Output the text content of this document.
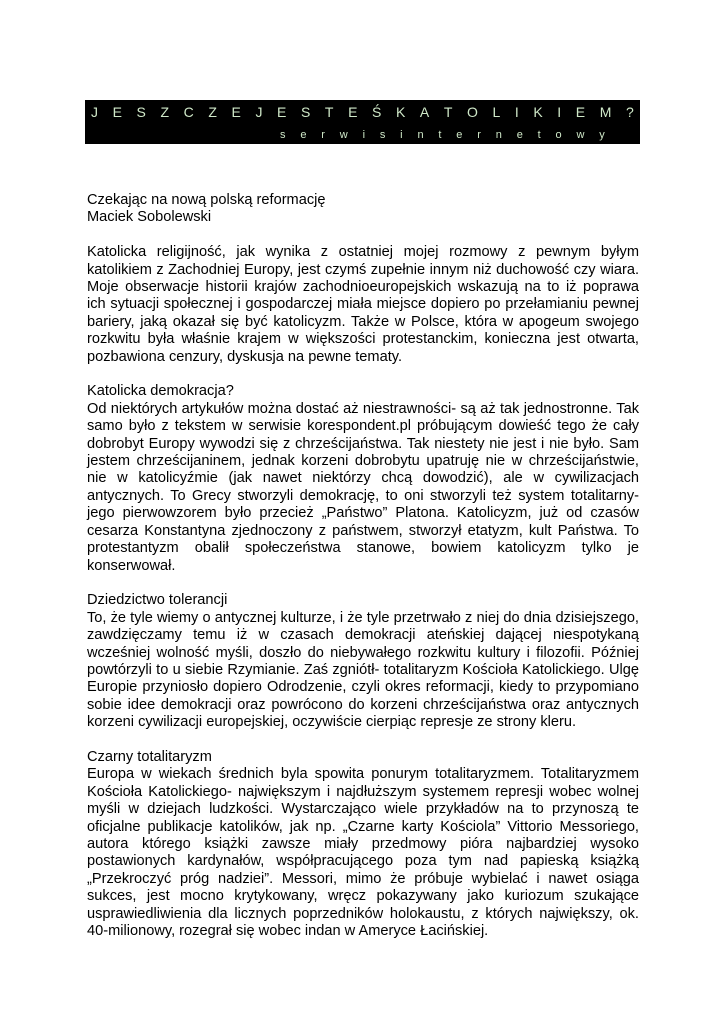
J E S Z C Z E J E S T E Ś K A T O L I K I E M ?
s e r w i s i n t e r n e t o w y

Czekając na nową polską reformację

Maciek Sobolewski

Katolicka religijność, jak wynika z ostatniej mojej rozmowy z pewnym byłym katolikiem z Zachodniej Europy, jest czymś zupełnie innym niż duchowość czy wiara. Moje obserwacje historii krajów zachodnioeuropejskich wskazują na to iż poprawa ich sytuacji społecznej i gospodarczej miała miejsce dopiero po przełamianiu pewnej bariery, jaką okazał się być katolicyzm. Także w Polsce, która w apogeum swojego rozkwitu była właśnie krajem w większości protestanckim, konieczna jest otwarta, pozbawiona cenzury, dyskusja na pewne tematy.

Katolicka demokracja?

Od niektórych artykułów można dostać aż niestrawności- są aż tak jednostronne. Tak samo było z tekstem w serwisie korespondent.pl próbującym dowieść tego że cały dobrobyt Europy wywodzi się z chrześcijaństwa. Tak niestety nie jest i nie było. Sam jestem chrześcijaninem, jednak korzeni dobrobytu upatruję nie w chrześcijaństwie, nie w katolicyźmie (jak nawet niektórzy chcą dowodzić), ale w cywilizacjach antycznych. To Grecy stworzyli demokrację, to oni stworzyli też system totalitarny- jego pierwowzorem było przecież „Państwo” Platona. Katolicyzm, już od czasów cesarza Konstantyna zjednoczony z państwem, stworzył etatyzm, kult Państwa. To protestantyzm obalił społeczeństwa stanowe, bowiem katolicyzm tylko je konserwował.

Dziedzictwo tolerancji

To, że tyle wiemy o antycznej kulturze, i że tyle przetrwało z niej do dnia dzisiejszego, zawdzięczamy temu iż w czasach demokracji ateńskiej dającej niespotykaną wcześniej wolność myśli, doszło do niebywałego rozkwitu kultury i filozofii. Później powtórzyli to u siebie Rzymianie. Zaś zgniótł- totalitaryzm Kościoła Katolickiego. Ulgę Europie przyniosło dopiero Odrodzenie, czyli okres reformacji, kiedy to przypomiano sobie idee demokracji oraz powrócono do korzeni chrześcijaństwa oraz antycznych korzeni cywilizacji europejskiej, oczywiście cierpiąc represje ze strony kleru.

Czarny totalitaryzm

Europa w wiekach średnich byla spowita ponurym totalitaryzmem. Totalitaryzmem Kościoła Katolickiego- największym i najdłuższym systemem represji wobec wolnej myśli w dziejach ludzkości. Wystarczająco wiele przykładów na to przynoszą te oficjalne publikacje katolików, jak np. „Czarne karty Kościola” Vittorio Messoriego, autora którego książki zawsze miały przedmowy pióra najbardziej wysoko postawionych kardynałów, współpracującego poza tym nad papieską książką „Przekroczyć próg nadziei”. Messori, mimo że próbuje wybielać i nawet osiąga sukces, jest mocno krytykowany, wręcz pokazywany jako kuriozum szukające usprawiedliwienia dla licznych poprzedników holokaustu, z których największy, ok. 40-milionowy, rozegrał się wobec indan w Ameryce Łacińskiej.
